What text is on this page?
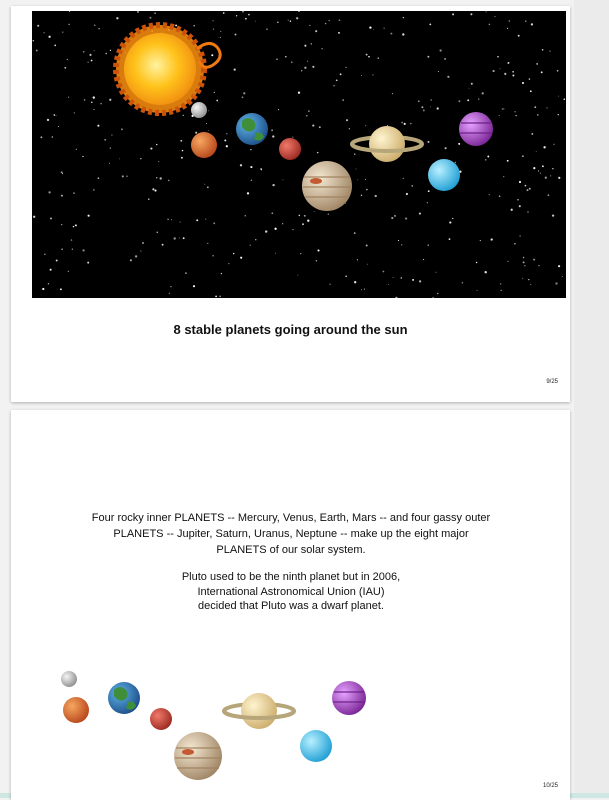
8 stable planets going around the sun
9/25
Four rocky inner PLANETS -- Mercury, Venus, Earth, Mars -- and four gassy outer PLANETS -- Jupiter, Saturn, Uranus, Neptune -- make up the eight major PLANETS of our solar system.
Pluto used to be the ninth planet but in 2006,
International Astronomical Union (IAU)
decided that Pluto was a dwarf planet.
10/25
